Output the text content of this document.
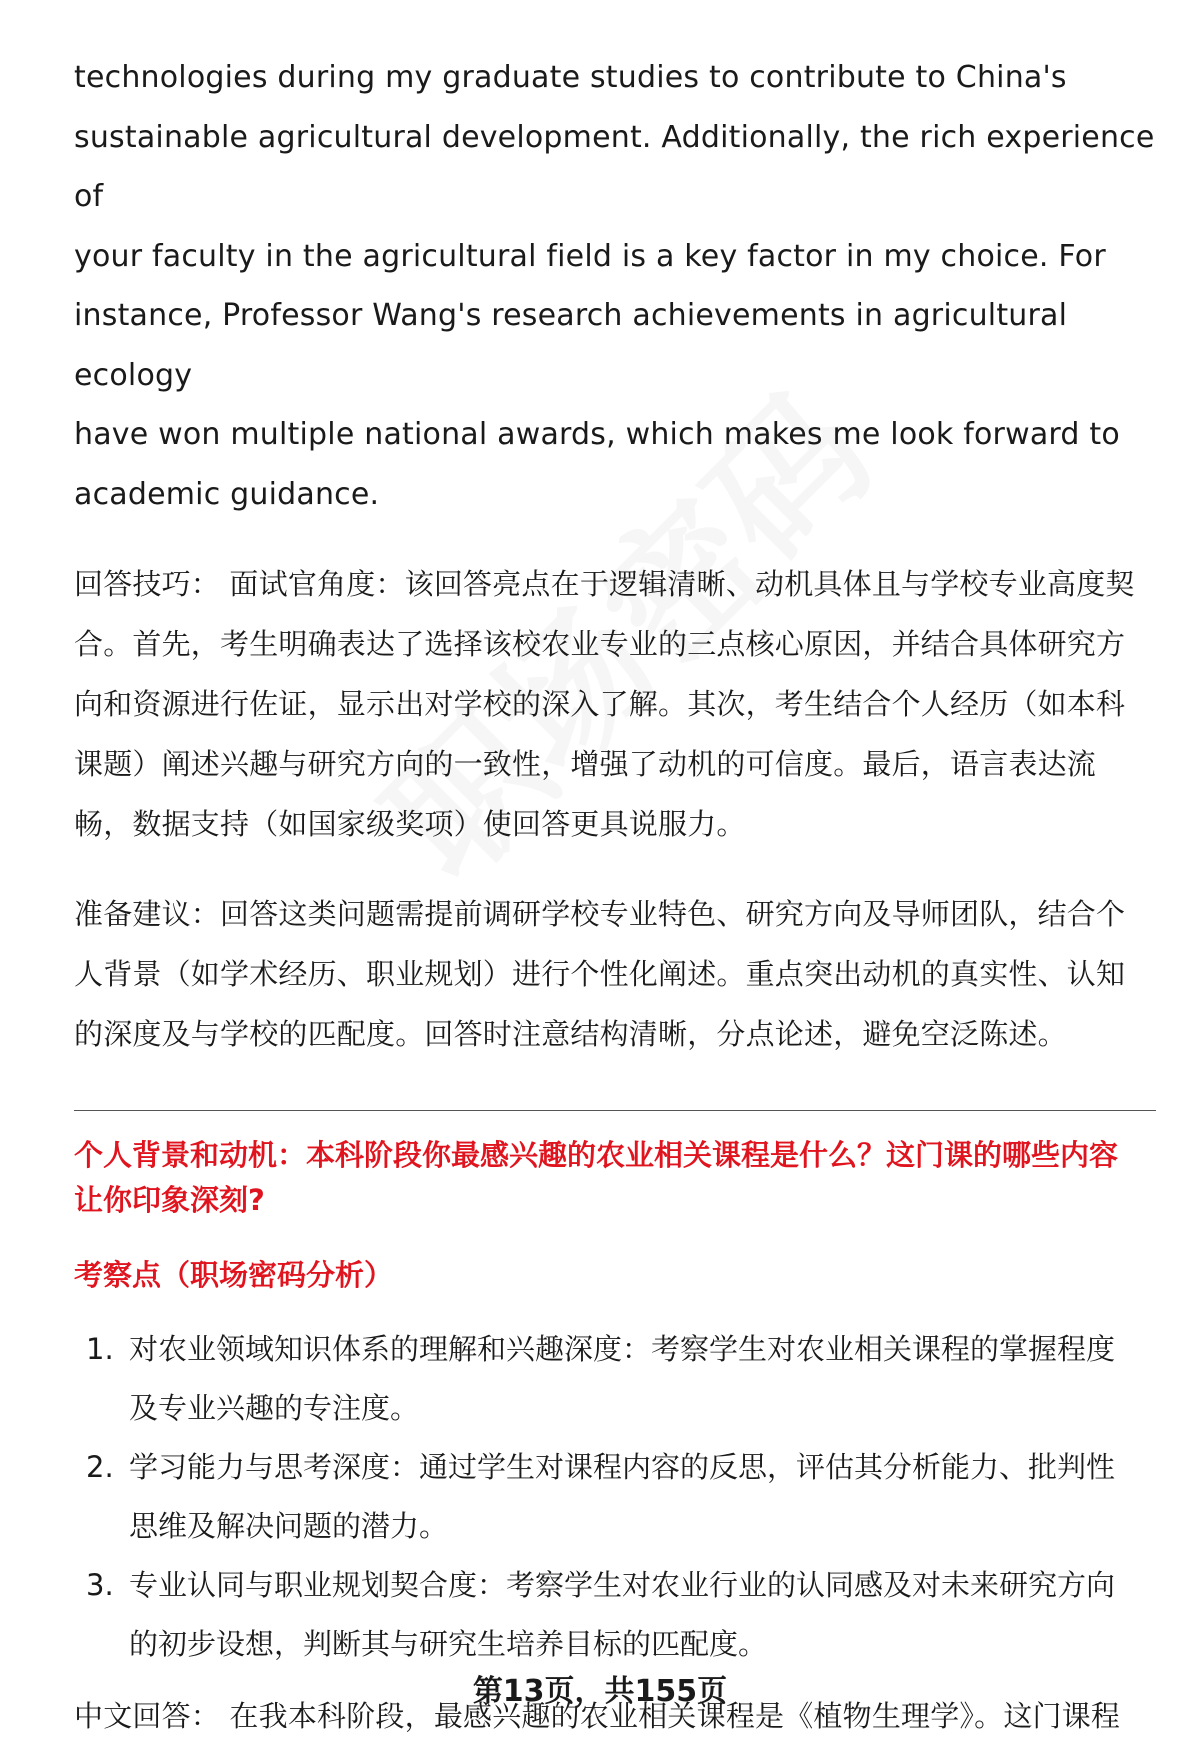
technologies during my graduate studies to contribute to China's

sustainable agricultural development. Additionally, the rich experience of

your faculty in the agricultural field is a key factor in my choice. For

instance, Professor Wang's research achievements in agricultural ecology

have won multiple national awards, which makes me look forward to

academic guidance.

回答技巧： 面试官角度：该回答亮点在于逻辑清晰、动机具体且与学校专业高度契

合。首先，考生明确表达了选择该校农业专业的三点核心原因，并结合具体研究方

向和资源进行佐证，显示出对学校的深入了解。其次，考生结合个人经历（如本科

课题）阐述兴趣与研究方向的一致性，增强了动机的可信度。最后，语言表达流

畅，数据支持（如国家级奖项）使回答更具说服力。

准备建议：回答这类问题需提前调研学校专业特色、研究方向及导师团队，结合个

人背景（如学术经历、职业规划）进行个性化阐述。重点突出动机的真实性、认知

的深度及与学校的匹配度。回答时注意结构清晰，分点论述，避免空泛陈述。

个人背景和动机：本科阶段你最感兴趣的农业相关课程是什么？这门课的哪些内容

让你印象深刻?

考察点（职场密码分析）

1. 对农业领域知识体系的理解和兴趣深度：考察学生对农业相关课程的掌握程度
及专业兴趣的专注度。
2. 学习能力与思考深度：通过学生对课程内容的反思，评估其分析能力、批判性
思维及解决问题的潜力。
3. 专业认同与职业规划契合度：考察学生对农业行业的认同感及对未来研究方向
的初步设想，判断其与研究生培养目标的匹配度。

中文回答： 在我本科阶段，最感兴趣的农业相关课程是《植物生理学》。这门课程

第13页，共155页
